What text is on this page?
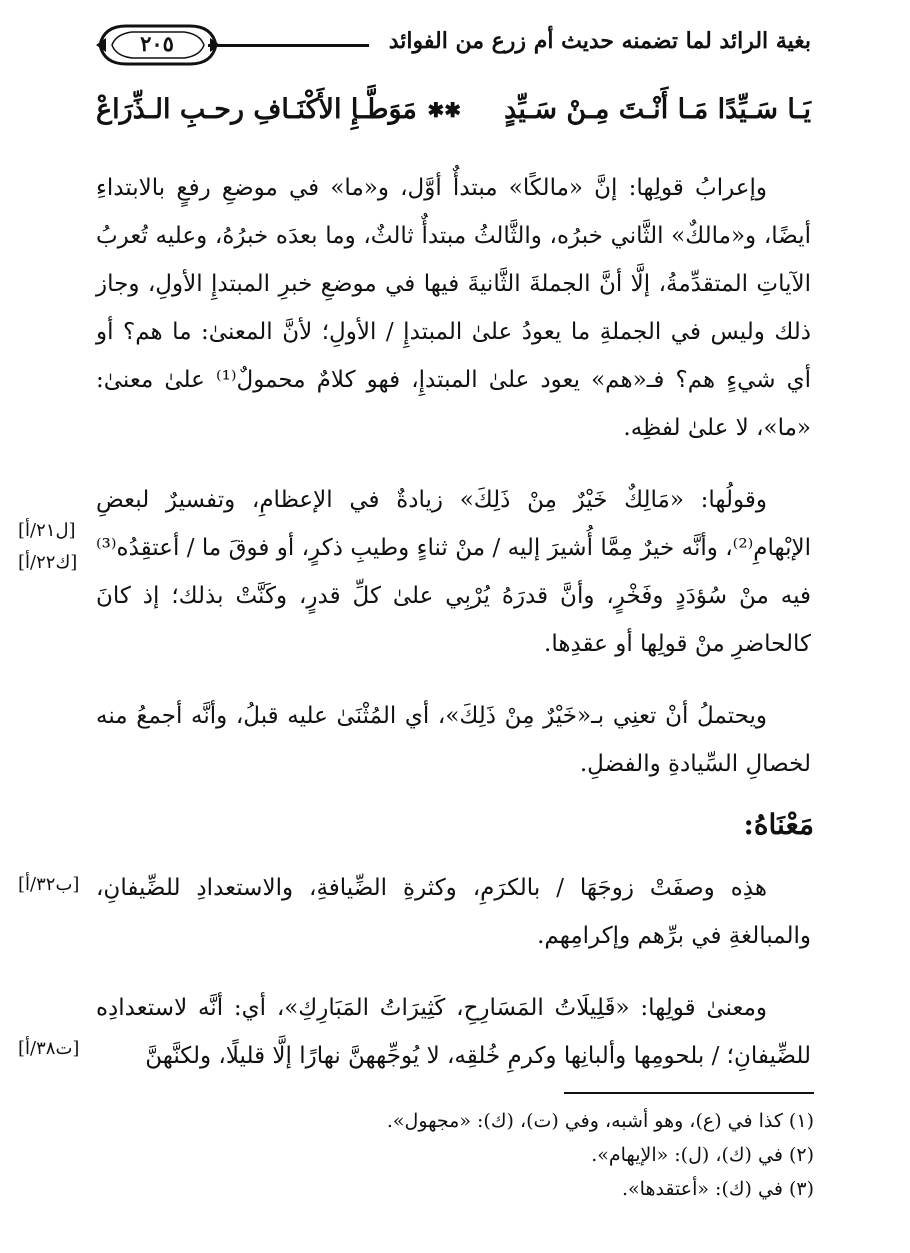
بغية الرائد لما تضمنه حديث أم زرع من الفوائد
٢٠٥
يَـا سَـيِّدًا مَـا أَنْـتَ مِـنْ سَـيِّدٍ
✱✱
مَوَطَّـإِ الأَكْنَـافِ رحـبِ الـذِّرَاعْ
وإعرابُ قولِها: إنَّ «مالكًا» مبتدأٌ أوَّل، و«ما» في موضعِ رفعٍ بالابتداءِ أيضًا، و«مالكٌ» الثَّاني خبرُه، والثَّالثُ مبتدأٌ ثالثٌ، وما بعدَه خبرُهُ، وعليه تُعربُ الآياتِ المتقدِّمةُ، إلَّا أنَّ الجملةَ الثَّانيةَ فيها في موضعِ خبرِ المبتدإِ الأولِ، وجاز ذلك وليس في الجملةِ ما يعودُ علىٰ المبتدإِ / الأولِ؛ لأنَّ المعنىٰ: ما هم؟ أو أي شيءٍ هم؟ فـ«هم» يعود علىٰ المبتدإِ، فهو كلامٌ محمولٌ⁽¹⁾ علىٰ معنىٰ: «ما»، لا علىٰ لفظِه.
وقولُها: «مَالِكٌ خَيْرٌ مِنْ ذَلِكَ» زيادةٌ في الإعظامِ، وتفسيرٌ لبعضِ الإبْهامِ⁽²⁾، وأنَّه خيرٌ مِمَّا أُشيرَ إليه / منْ ثناءٍ وطيبِ ذكرٍ، أو فوقَ ما / أعتقِدُه⁽³⁾ فيه منْ سُؤدَدٍ وفَخْرٍ، وأنَّ قدرَهُ يُرْبِي علىٰ كلِّ قدرٍ، وكَنَّتْ بذلك؛ إذ كانَ كالحاضرِ منْ قولِها أو عقدِها.
ويحتملُ أنْ تعنِي بـ«خَيْرٌ مِنْ ذَلِكَ»، أي المُثْنَىٰ عليه قبلُ، وأنَّه أجمعُ منه لخصالِ السِّيادةِ والفضلِ.
مَعْنَاهُ:
هذِه وصفَتْ زوجَهَا / بالكرَمِ، وكثرةِ الضِّيافةِ، والاستعدادِ للضِّيفانِ، والمبالغةِ في برِّهم وإكرامِهم.
ومعنىٰ قولِها: «قَلِيلَاتُ المَسَارِحِ، كَثِيرَاتُ المَبَارِكِ»، أي: أنَّه لاستعدادِه للضِّيفانِ؛ / بلحومِها وألبانِها وكرمِ خُلقِه، لا يُوجِّههنَّ نهارًا إلَّا قليلًا، ولكنَّهنَّ
[ل٢١/أ]
[ك٢٢/أ]
[ب٣٢/أ]
[ت٣٨/أ]
(١) كذا في (ع)، وهو أشبه، وفي (ت)، (ك): «مجهول».
(٢) في (ك)، (ل): «الإيهام».
(٣) في (ك): «أعتقدها».
